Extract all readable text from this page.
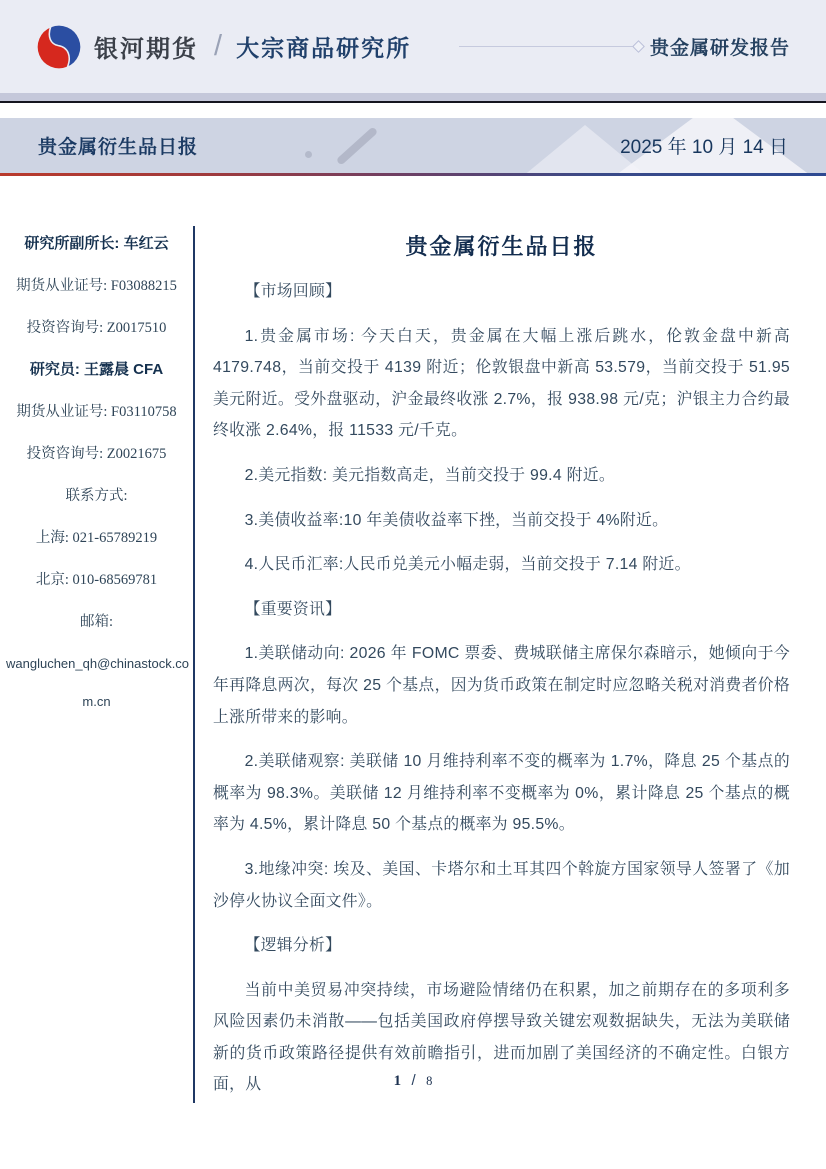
银河期货 / 大宗商品研究所	贵金属研发报告
贵金属衍生品日报	2025 年 10 月 14 日
研究所副所长: 车红云
期货从业证号: F03088215
投资咨询号: Z0017510
研究员: 王露晨 CFA
期货从业证号: F03110758
投资咨询号: Z0021675
联系方式:
上海: 021-65789219
北京: 010-68569781
邮箱:
wangluchen_qh@chinastock.co
m.cn
贵金属衍生品日报

【市场回顾】

1.贵金属市场: 今天白天，贵金属在大幅上涨后跳水，伦敦金盘中新高 4179.748，当前交投于 4139 附近；伦敦银盘中新高 53.579，当前交投于 51.95 美元附近。受外盘驱动，沪金最终收涨 2.7%，报 938.98 元/克；沪银主力合约最终收涨 2.64%，报 11533 元/千克。

2.美元指数: 美元指数高走，当前交投于 99.4 附近。

3.美债收益率:10 年美债收益率下挫，当前交投于 4%附近。

4.人民币汇率:人民币兑美元小幅走弱，当前交投于 7.14 附近。

【重要资讯】

1.美联储动向: 2026 年 FOMC 票委、费城联储主席保尔森暗示，她倾向于今年再降息两次，每次 25 个基点，因为货币政策在制定时应忽略关税对消费者价格上涨所带来的影响。

2.美联储观察: 美联储 10 月维持利率不变的概率为 1.7%，降息 25 个基点的概率为 98.3%。美联储 12 月维持利率不变概率为 0%，累计降息 25 个基点的概率为 4.5%，累计降息 50 个基点的概率为 95.5%。

3.地缘冲突: 埃及、美国、卡塔尔和土耳其四个斡旋方国家领导人签署了《加沙停火协议全面文件》。

【逻辑分析】

当前中美贸易冲突持续，市场避险情绪仍在积累，加之前期存在的多项利多风险因素仍未消散——包括美国政府停摆导致关键宏观数据缺失，无法为美联储新的货币政策路径提供有效前瞻指引，进而加剧了美国经济的不确定性。白银方面，从	1 / 8
